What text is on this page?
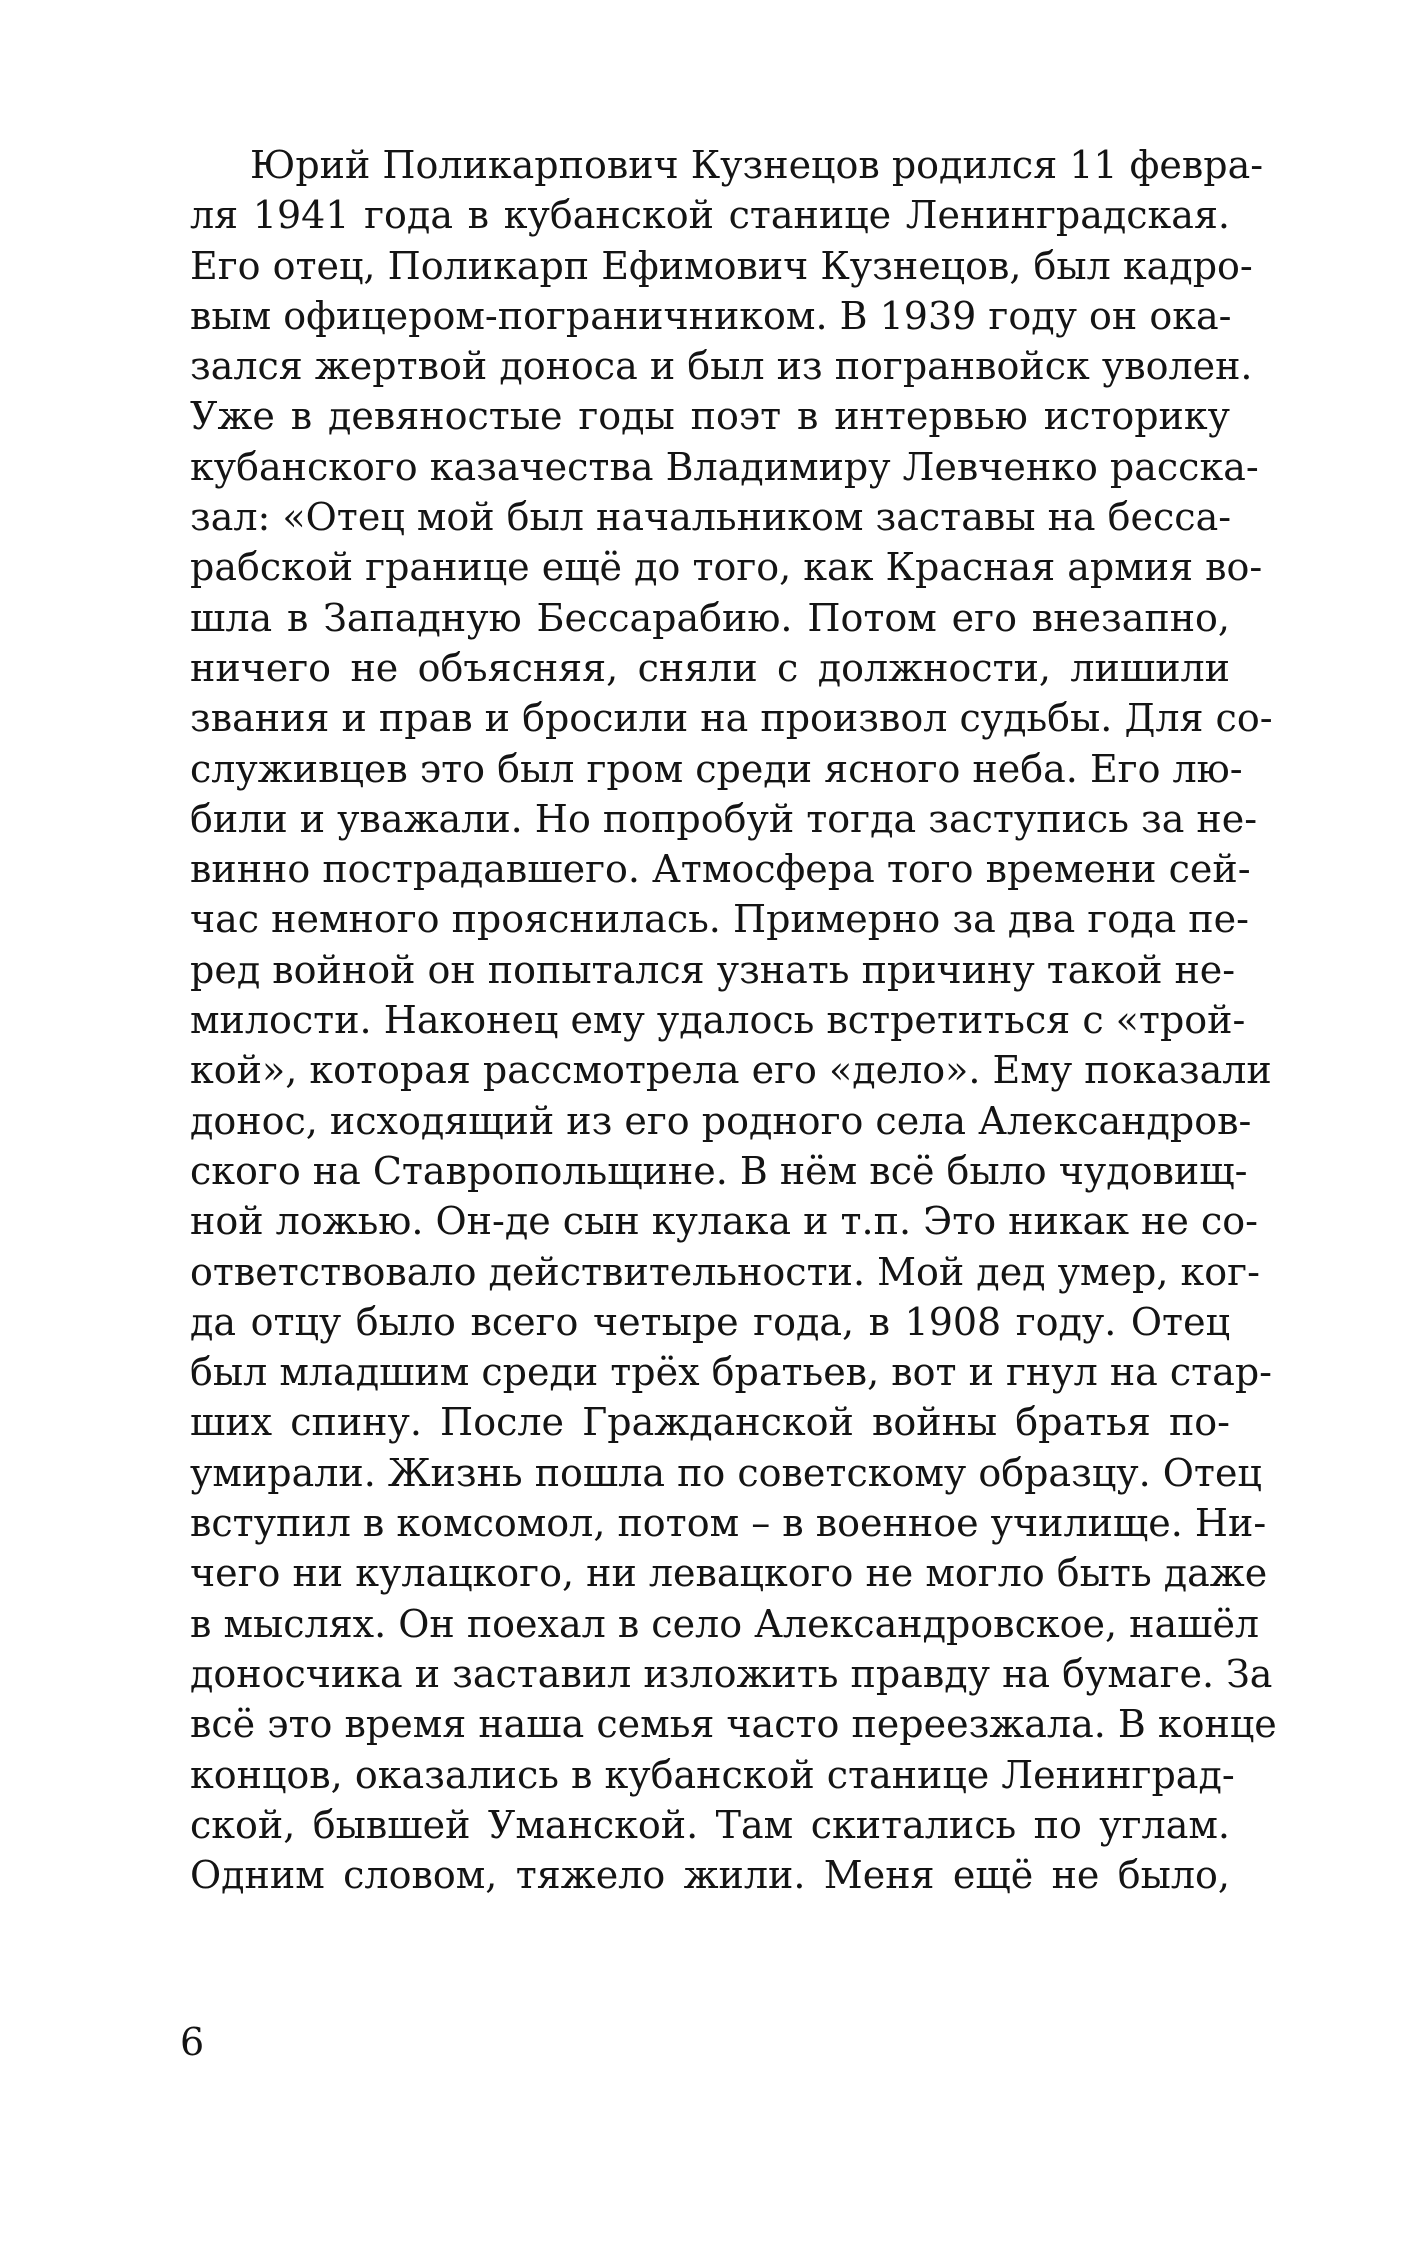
Юрий Поликарпович Кузнецов родился 11 февра-
ля 1941 года в кубанской станице Ленинградская.
Его отец, Поликарп Ефимович Кузнецов, был кадро-
вым офицером-пограничником. В 1939 году он ока-
зался жертвой доноса и был из погранвойск уволен.
Уже в девяностые годы поэт в интервью историку
кубанского казачества Владимиру Левченко расска-
зал: «Отец мой был начальником заставы на бесса-
рабской границе ещё до того, как Красная армия во-
шла в Западную Бессарабию. Потом его внезапно,
ничего не объясняя, сняли с должности, лишили
звания и прав и бросили на произвол судьбы. Для со-
служивцев это был гром среди ясного неба. Его лю-
били и уважали. Но попробуй тогда заступись за не-
винно пострадавшего. Атмосфера того времени сей-
час немного прояснилась. Примерно за два года пе-
ред войной он попытался узнать причину такой не-
милости. Наконец ему удалось встретиться с «трой-
кой», которая рассмотрела его «дело». Ему показали
донос, исходящий из его родного села Александров-
ского на Ставропольщине. В нём всё было чудовищ-
ной ложью. Он-де сын кулака и т.п. Это никак не со-
ответствовало действительности. Мой дед умер, ког-
да отцу было всего четыре года, в 1908 году. Отец
был младшим среди трёх братьев, вот и гнул на стар-
ших спину. После Гражданской войны братья по-
умирали. Жизнь пошла по советскому образцу. Отец
вступил в комсомол, потом – в военное училище. Ни-
чего ни кулацкого, ни левацкого не могло быть даже
в мыслях. Он поехал в село Александровское, нашёл
доносчика и заставил изложить правду на бумаге. За
всё это время наша семья часто переезжала. В конце
концов, оказались в кубанской станице Ленинград-
ской, бывшей Уманской. Там скитались по углам.
Одним словом, тяжело жили. Меня ещё не было,
6
